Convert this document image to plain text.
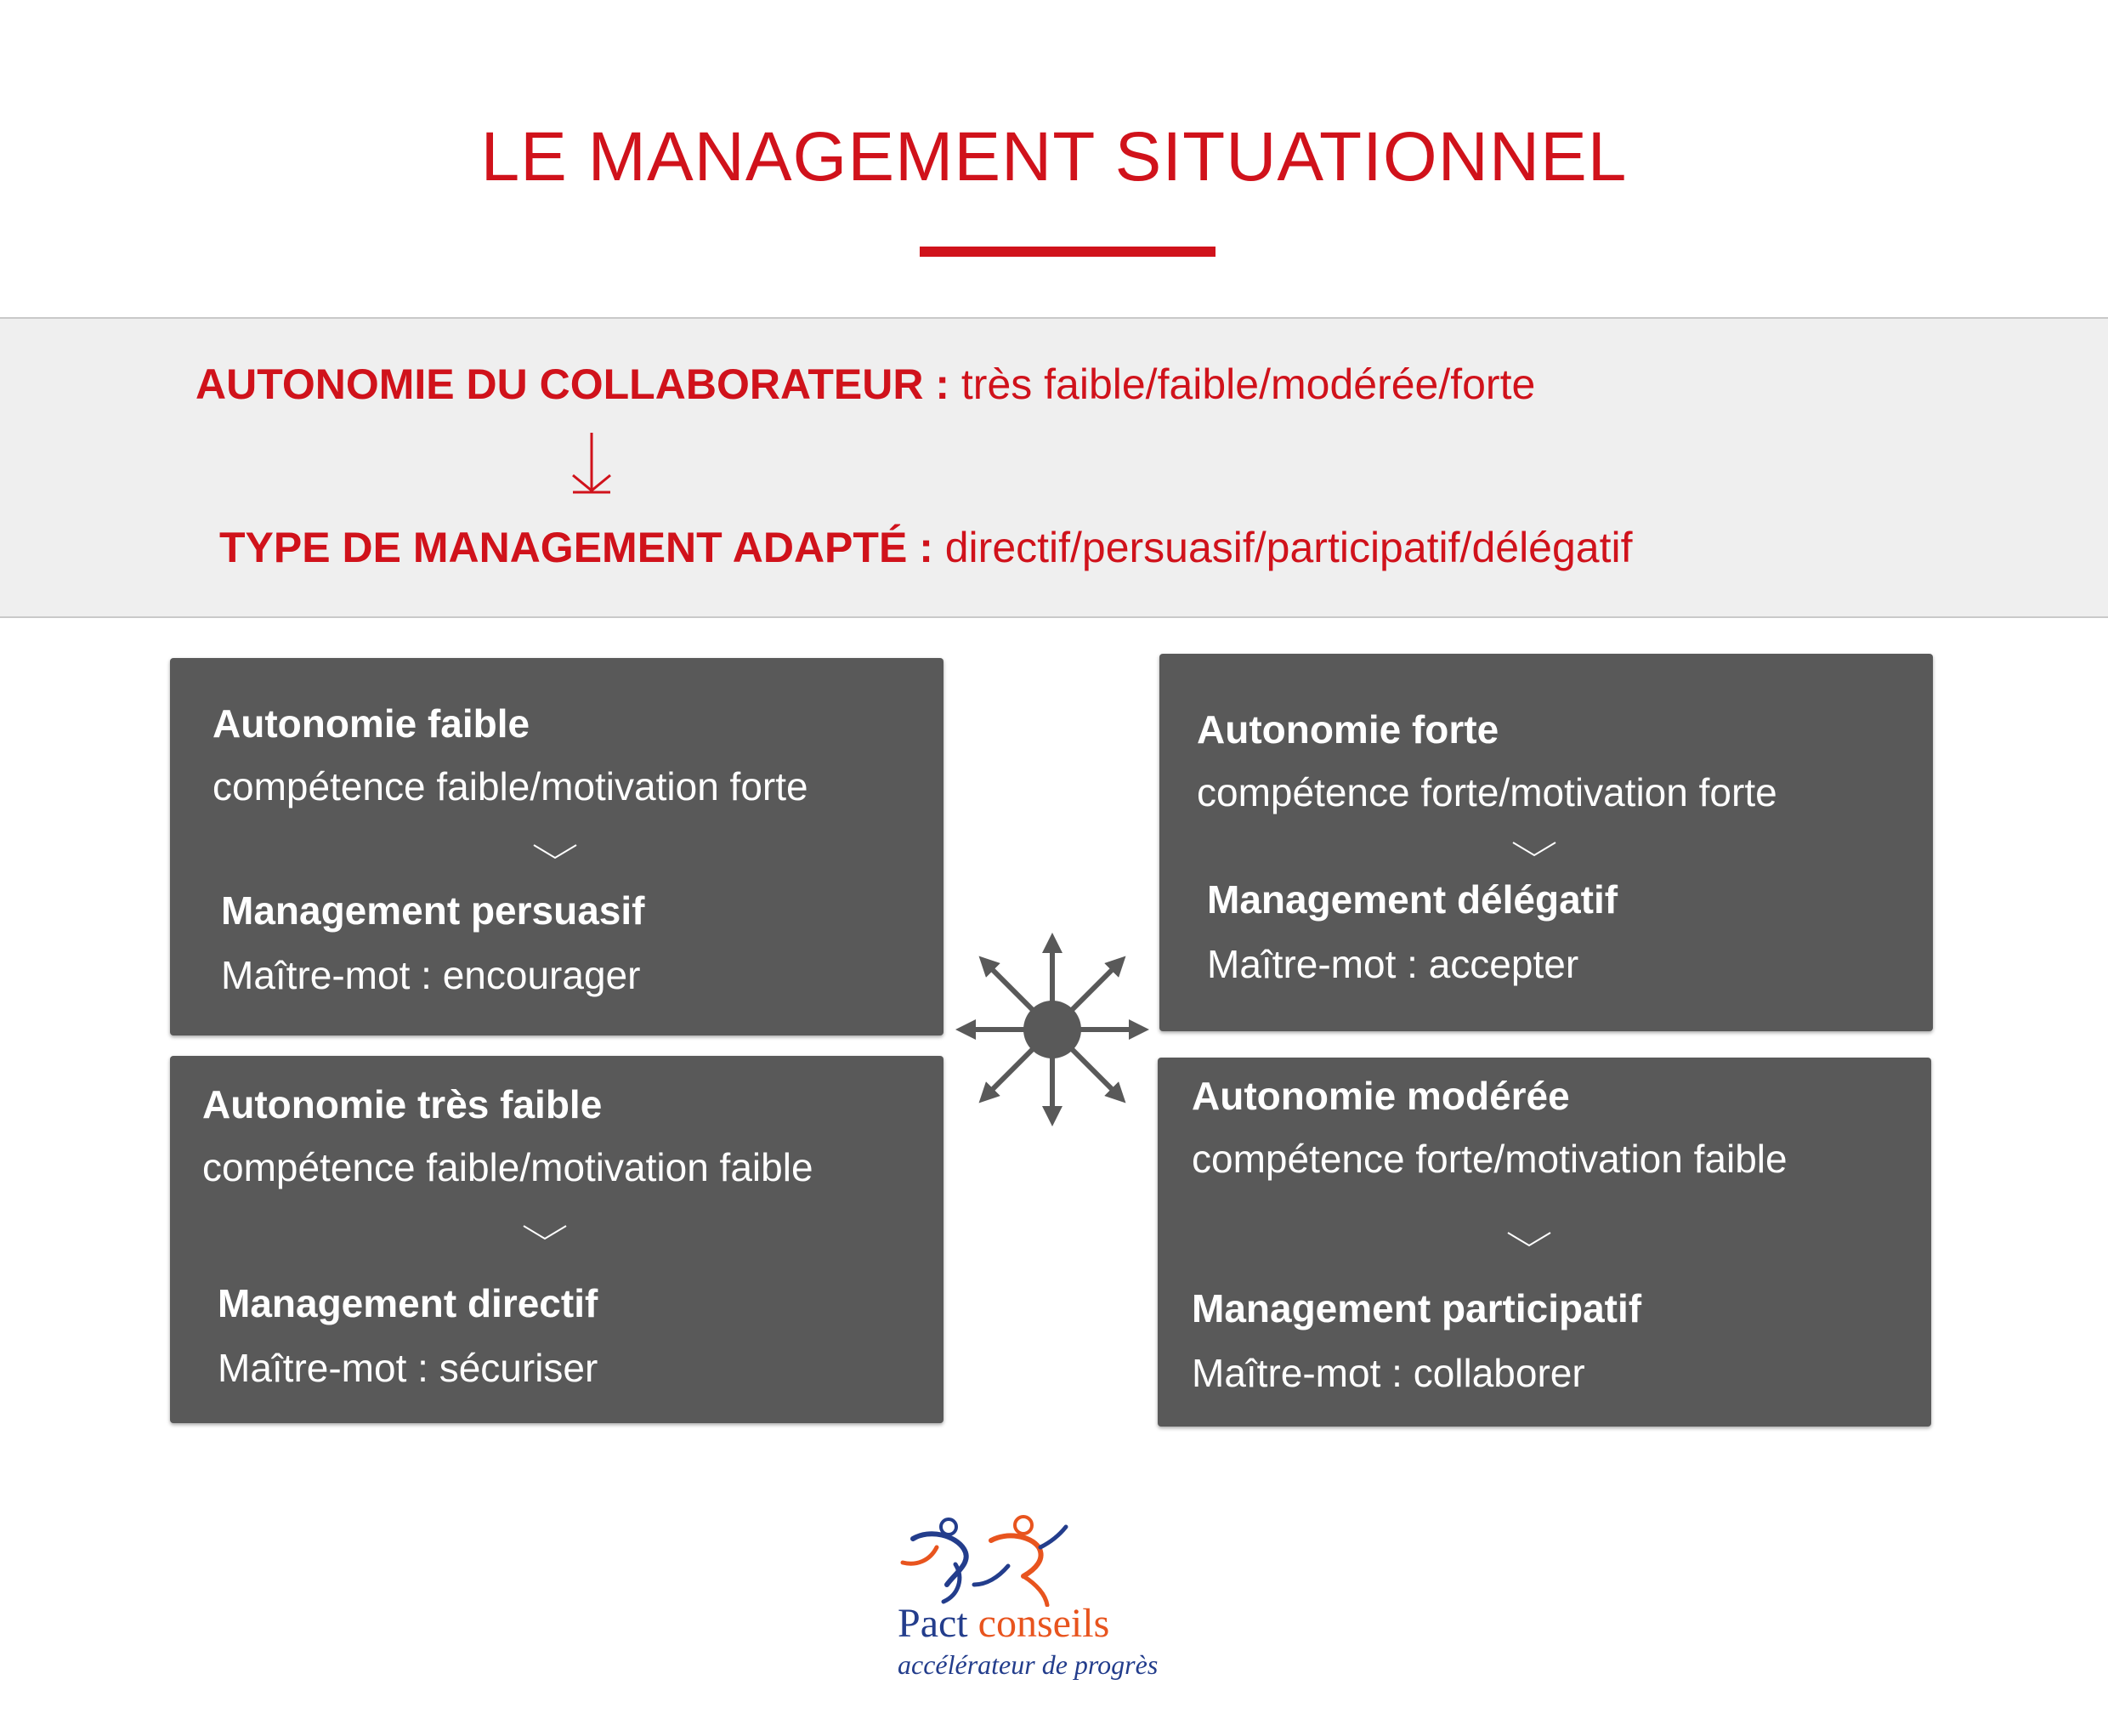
LE MANAGEMENT SITUATIONNEL
AUTONOMIE DU COLLABORATEUR : très faible/faible/modérée/forte
TYPE DE MANAGEMENT ADAPTÉ : directif/persuasif/participatif/délégatif
Autonomie faible
compétence faible/motivation forte
Management persuasif
Maître-mot : encourager
Autonomie forte
compétence forte/motivation forte
Management délégatif
Maître-mot : accepter
Autonomie très faible
compétence faible/motivation faible
Management directif
Maître-mot : sécuriser
Autonomie modérée
compétence forte/motivation faible
Management participatif
Maître-mot : collaborer
Pact conseils
accélérateur de progrès
